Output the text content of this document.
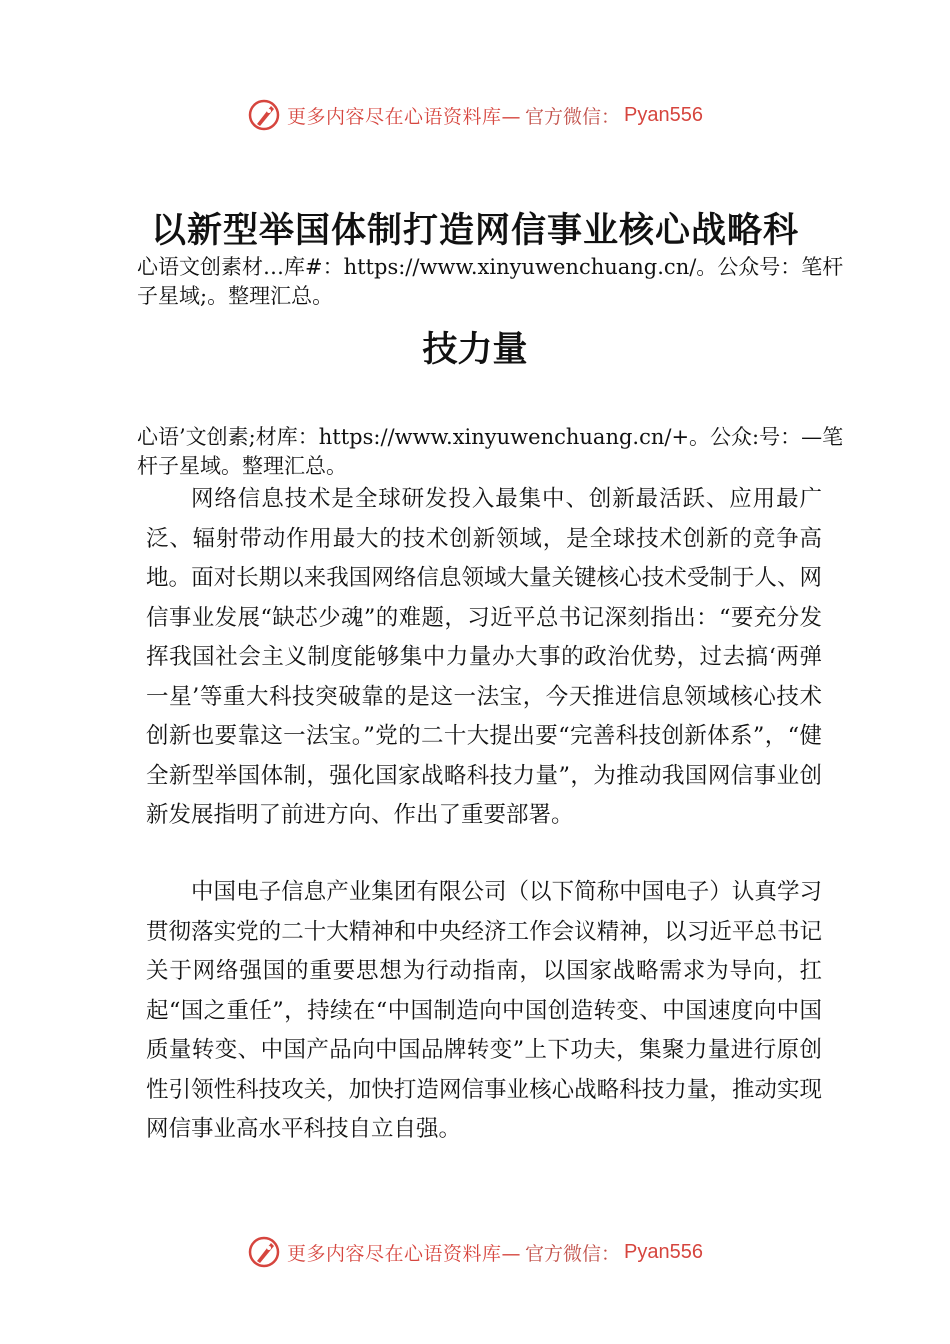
更多内容尽在心语资料库— 官方微信： Pyan556
以新型举国体制打造网信事业核心战略科
心语文创素材…库#：https://www.xinyuwenchuang.cn/。公众号：笔杆子星域;。整理汇总。
技力量
心语’文创素;材库：https://www.xinyuwenchuang.cn/+。公众:号：—笔杆子星域。整理汇总。
网络信息技术是全球研发投入最集中、创新最活跃、应用最广泛、辐射带动作用最大的技术创新领域，是全球技术创新的竞争高地。面对长期以来我国网络信息领域大量关键核心技术受制于人、网信事业发展“缺芯少魂”的难题，习近平总书记深刻指出：“要充分发挥我国社会主义制度能够集中力量办大事的政治优势，过去搞‘两弹一星’等重大科技突破靠的是这一法宝，今天推进信息领域核心技术创新也要靠这一法宝。”党的二十大提出要“完善科技创新体系”，“健全新型举国体制，强化国家战略科技力量”，为推动我国网信事业创新发展指明了前进方向、作出了重要部署。
中国电子信息产业集团有限公司（以下简称中国电子）认真学习贯彻落实党的二十大精神和中央经济工作会议精神，以习近平总书记关于网络强国的重要思想为行动指南，以国家战略需求为导向，扛起“国之重任”，持续在“中国制造向中国创造转变、中国速度向中国质量转变、中国产品向中国品牌转变”上下功夫，集聚力量进行原创性引领性科技攻关，加快打造网信事业核心战略科技力量，推动实现网信事业高水平科技自立自强。
更多内容尽在心语资料库— 官方微信： Pyan556
